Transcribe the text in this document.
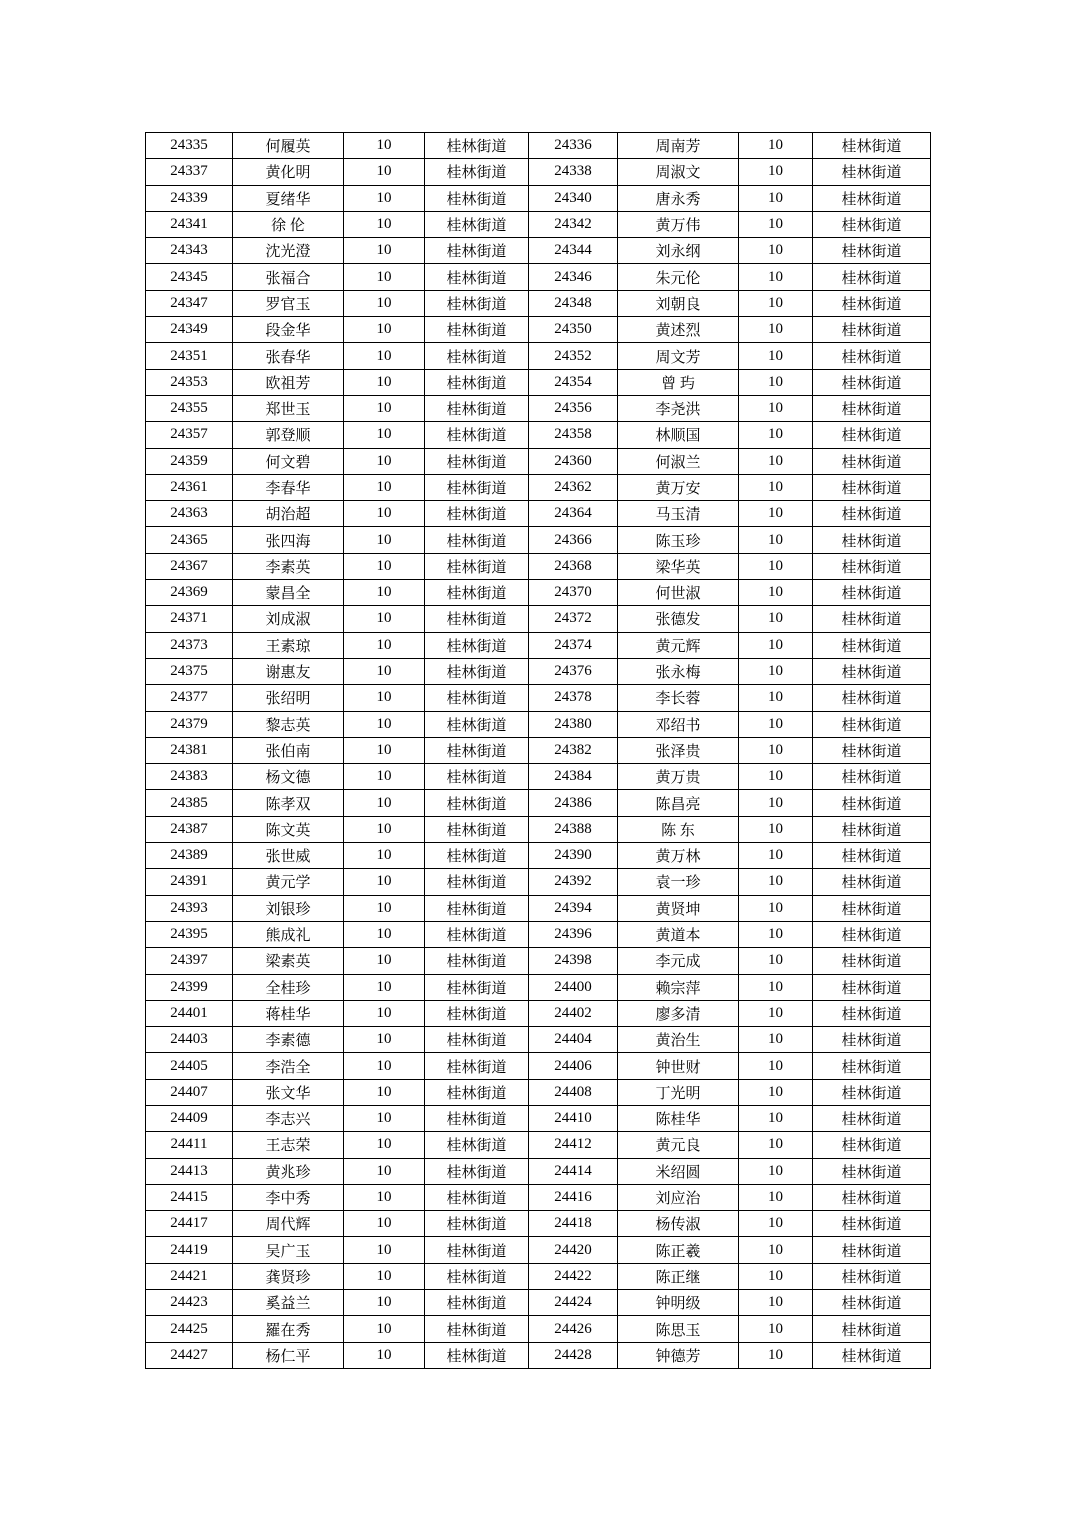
24335	何履英	10	桂林街道	24336	周南芳	10	桂林街道
24337	黄化明	10	桂林街道	24338	周淑文	10	桂林街道
24339	夏绪华	10	桂林街道	24340	唐永秀	10	桂林街道
24341	徐 伦	10	桂林街道	24342	黄万伟	10	桂林街道
24343	沈光澄	10	桂林街道	24344	刘永纲	10	桂林街道
24345	张福合	10	桂林街道	24346	朱元伦	10	桂林街道
24347	罗官玉	10	桂林街道	24348	刘朝良	10	桂林街道
24349	段金华	10	桂林街道	24350	黄述烈	10	桂林街道
24351	张春华	10	桂林街道	24352	周文芳	10	桂林街道
24353	欧祖芳	10	桂林街道	24354	曾 玙	10	桂林街道
24355	郑世玉	10	桂林街道	24356	李尧洪	10	桂林街道
24357	郭登顺	10	桂林街道	24358	林顺国	10	桂林街道
24359	何文碧	10	桂林街道	24360	何淑兰	10	桂林街道
24361	李春华	10	桂林街道	24362	黄万安	10	桂林街道
24363	胡治超	10	桂林街道	24364	马玉清	10	桂林街道
24365	张四海	10	桂林街道	24366	陈玉珍	10	桂林街道
24367	李素英	10	桂林街道	24368	梁华英	10	桂林街道
24369	蒙昌全	10	桂林街道	24370	何世淑	10	桂林街道
24371	刘成淑	10	桂林街道	24372	张德发	10	桂林街道
24373	王素琼	10	桂林街道	24374	黄元辉	10	桂林街道
24375	谢惠友	10	桂林街道	24376	张永梅	10	桂林街道
24377	张绍明	10	桂林街道	24378	李长蓉	10	桂林街道
24379	黎志英	10	桂林街道	24380	邓绍书	10	桂林街道
24381	张伯南	10	桂林街道	24382	张泽贵	10	桂林街道
24383	杨文德	10	桂林街道	24384	黄万贵	10	桂林街道
24385	陈孝双	10	桂林街道	24386	陈昌亮	10	桂林街道
24387	陈文英	10	桂林街道	24388	陈 东	10	桂林街道
24389	张世威	10	桂林街道	24390	黄万林	10	桂林街道
24391	黄元学	10	桂林街道	24392	袁一珍	10	桂林街道
24393	刘银珍	10	桂林街道	24394	黄贤坤	10	桂林街道
24395	熊成礼	10	桂林街道	24396	黄道本	10	桂林街道
24397	梁素英	10	桂林街道	24398	李元成	10	桂林街道
24399	全桂珍	10	桂林街道	24400	赖宗萍	10	桂林街道
24401	蒋桂华	10	桂林街道	24402	廖多清	10	桂林街道
24403	李素德	10	桂林街道	24404	黄治生	10	桂林街道
24405	李浩全	10	桂林街道	24406	钟世财	10	桂林街道
24407	张文华	10	桂林街道	24408	丁光明	10	桂林街道
24409	李志兴	10	桂林街道	24410	陈桂华	10	桂林街道
24411	王志荣	10	桂林街道	24412	黄元良	10	桂林街道
24413	黄兆珍	10	桂林街道	24414	米绍圆	10	桂林街道
24415	李中秀	10	桂林街道	24416	刘应治	10	桂林街道
24417	周代辉	10	桂林街道	24418	杨传淑	10	桂林街道
24419	吴广玉	10	桂林街道	24420	陈正羲	10	桂林街道
24421	龚贤珍	10	桂林街道	24422	陈正继	10	桂林街道
24423	奚益兰	10	桂林街道	24424	钟明级	10	桂林街道
24425	羅在秀	10	桂林街道	24426	陈思玉	10	桂林街道
24427	杨仁平	10	桂林街道	24428	钟德芳	10	桂林街道
